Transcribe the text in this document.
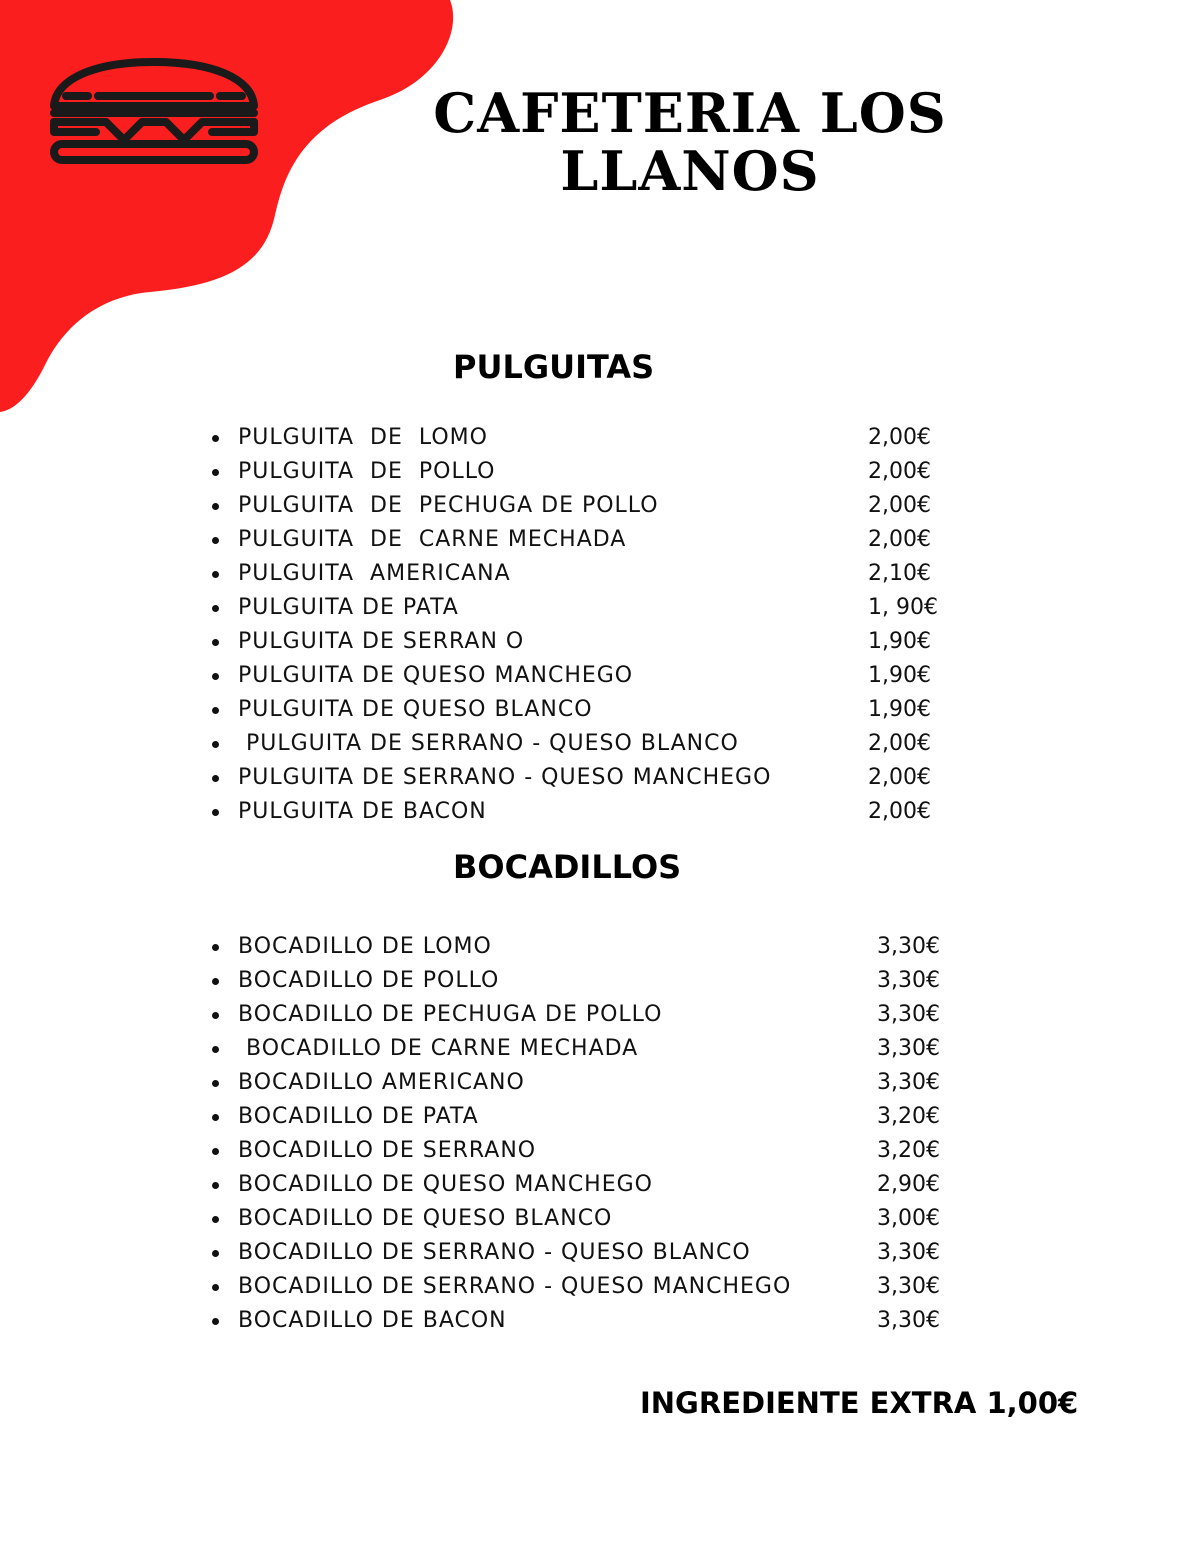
CAFETERIA LOS
LLANOS
PULGUITAS
PULGUITA  DE  LOMO	2,00€
PULGUITA  DE  POLLO	2,00€
PULGUITA  DE  PECHUGA DE POLLO	2,00€
PULGUITA  DE  CARNE MECHADA	2,00€
PULGUITA  AMERICANA	2,10€
PULGUITA DE PATA	1, 90€
PULGUITA DE SERRAN O	1,90€
PULGUITA DE QUESO MANCHEGO	1,90€
PULGUITA DE QUESO BLANCO	1,90€
PULGUITA DE SERRANO - QUESO BLANCO	2,00€
PULGUITA DE SERRANO - QUESO MANCHEGO	2,00€
PULGUITA DE BACON	2,00€
BOCADILLOS
BOCADILLO DE LOMO	3,30€
BOCADILLO DE POLLO	3,30€
BOCADILLO DE PECHUGA DE POLLO	3,30€
BOCADILLO DE CARNE MECHADA	3,30€
BOCADILLO AMERICANO	3,30€
BOCADILLO DE PATA	3,20€
BOCADILLO DE SERRANO	3,20€
BOCADILLO DE QUESO MANCHEGO	2,90€
BOCADILLO DE QUESO BLANCO	3,00€
BOCADILLO DE SERRANO - QUESO BLANCO	3,30€
BOCADILLO DE SERRANO - QUESO MANCHEGO	3,30€
BOCADILLO DE BACON	3,30€
INGREDIENTE EXTRA 1,00€
